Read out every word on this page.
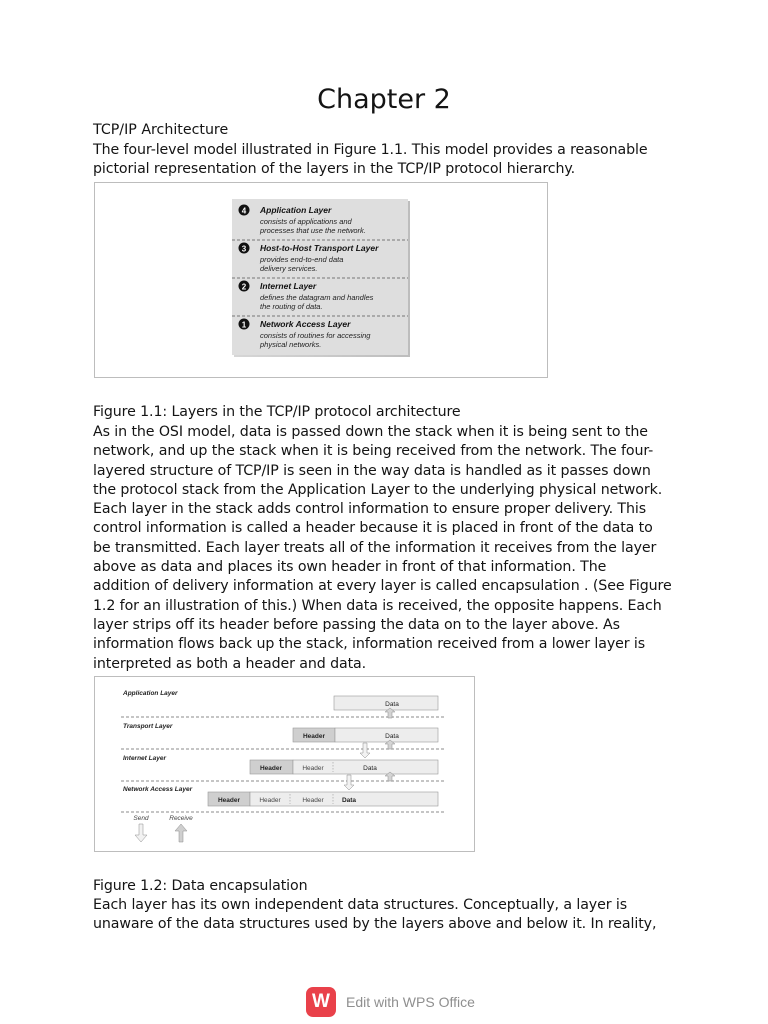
Chapter 2

TCP/IP Architecture

The four-level model illustrated in Figure 1.1. This model provides a reasonable
pictorial representation of the layers in the TCP/IP protocol hierarchy.

4 Application Layer
consists of applications and
processes that use the network.
3 Host-to-Host Transport Layer
provides end-to-end data
delivery services.
2 Internet Layer
defines the datagram and handles
the routing of data.
1 Network Access Layer
consists of routines for accessing
physical networks.

Figure 1.1: Layers in the TCP/IP protocol architecture

As in the OSI model, data is passed down the stack when it is being sent to the
network, and up the stack when it is being received from the network. The four-
layered structure of TCP/IP is seen in the way data is handled as it passes down
the protocol stack from the Application Layer to the underlying physical network.
Each layer in the stack adds control information to ensure proper delivery. This
control information is called a header because it is placed in front of the data to
be transmitted. Each layer treats all of the information it receives from the layer
above as data and places its own header in front of that information. The
addition of delivery information at every layer is called encapsulation . (See Figure
1.2 for an illustration of this.) When data is received, the opposite happens. Each
layer strips off its header before passing the data on to the layer above. As
information flows back up the stack, information received from a lower layer is
interpreted as both a header and data.

Application Layer
Transport Layer
Internet Layer
Network Access Layer
Data
Header	Data
Header	Header	Data
Header	Header	Header	Data
Send	Receive

Figure 1.2: Data encapsulation

Each layer has its own independent data structures. Conceptually, a layer is
unaware of the data structures used by the layers above and below it. In reality,

W	Edit with WPS Office
